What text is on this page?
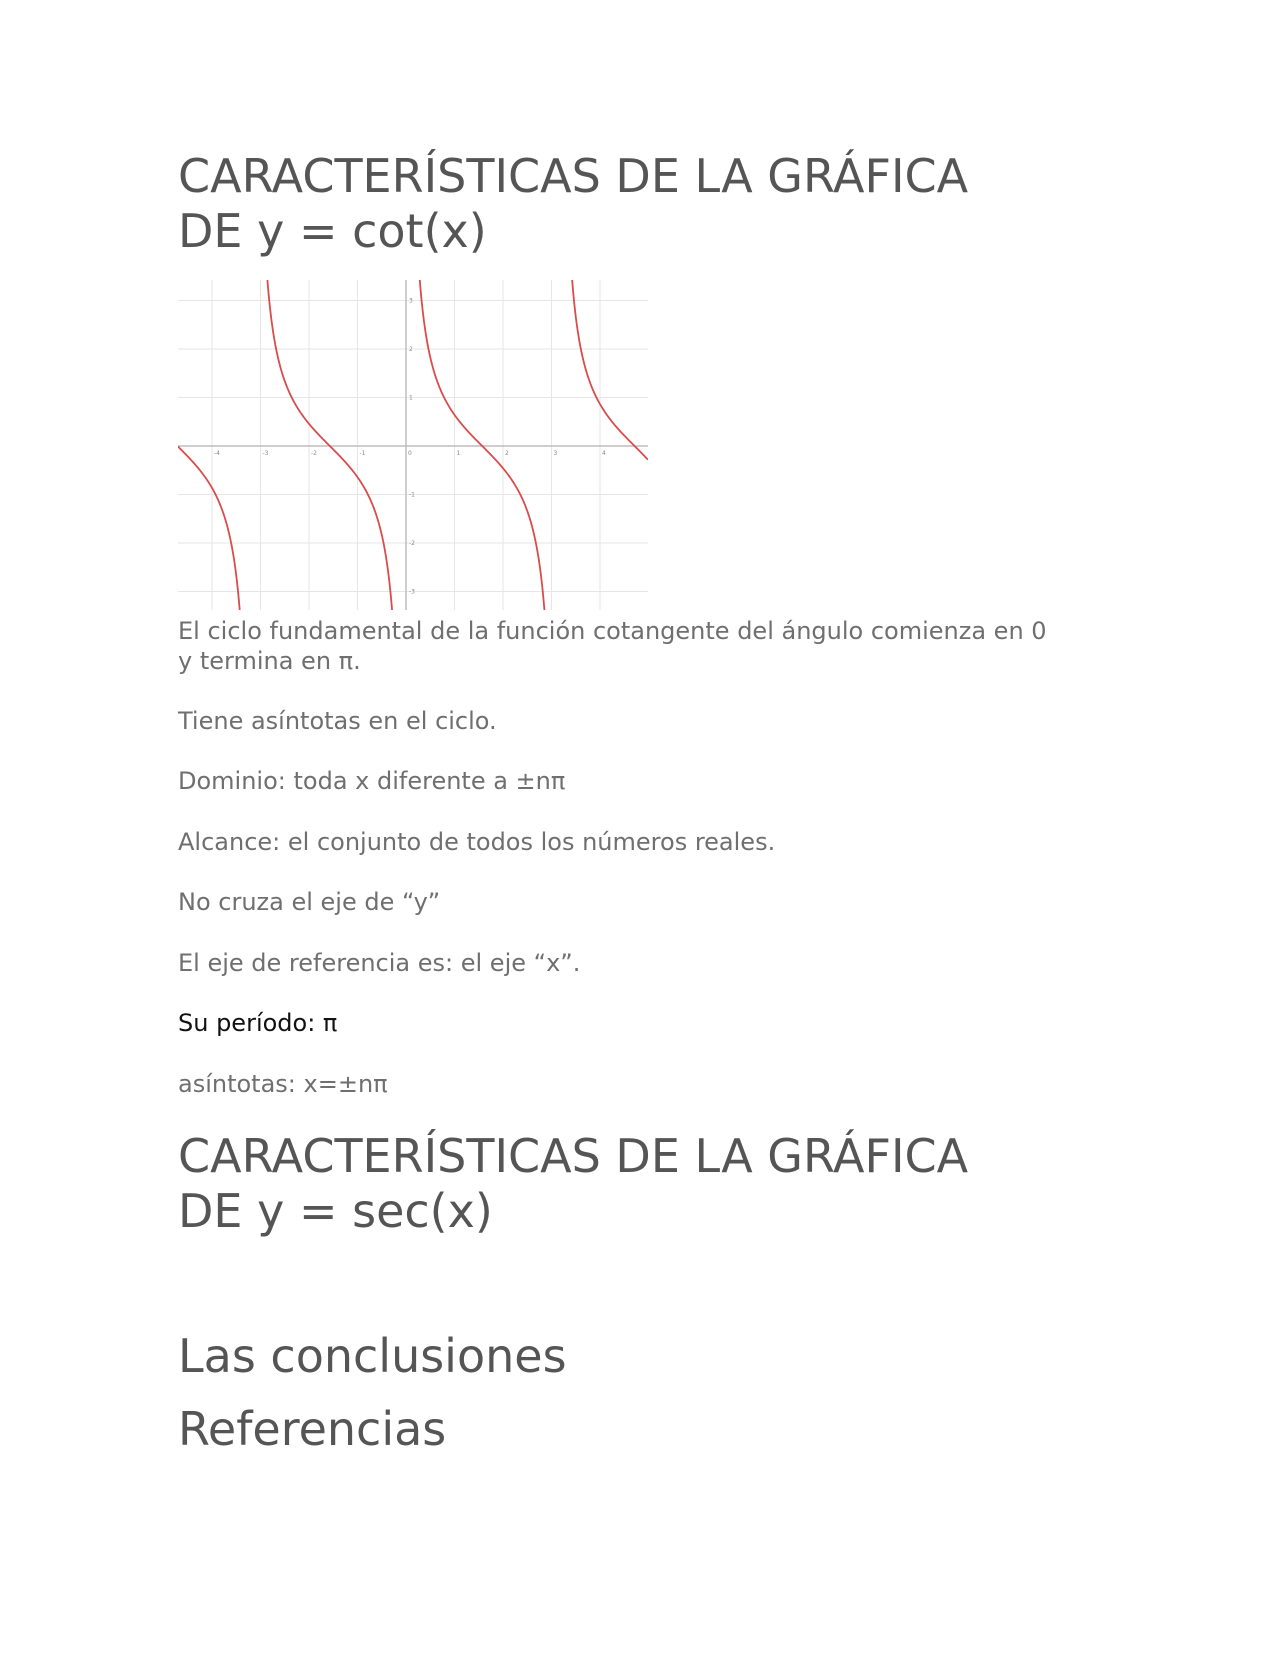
CARACTERÍSTICAS DE LA GRÁFICA
DE y = cot(x)
-4	-3	-2	-1	0	1	2	3	4
3
2
1
-1
-2
-3

El ciclo fundamental de la función cotangente del ángulo comienza en 0

y termina en π.

Tiene asíntotas en el ciclo.

Dominio: toda x diferente a ±nπ

Alcance: el conjunto de todos los números reales.

No cruza el eje de “y”

El eje de referencia es: el eje “x”.

Su período: π

asíntotas: x=±nπ

CARACTERÍSTICAS DE LA GRÁFICA
DE y = sec(x)
Las conclusiones
Referencias
